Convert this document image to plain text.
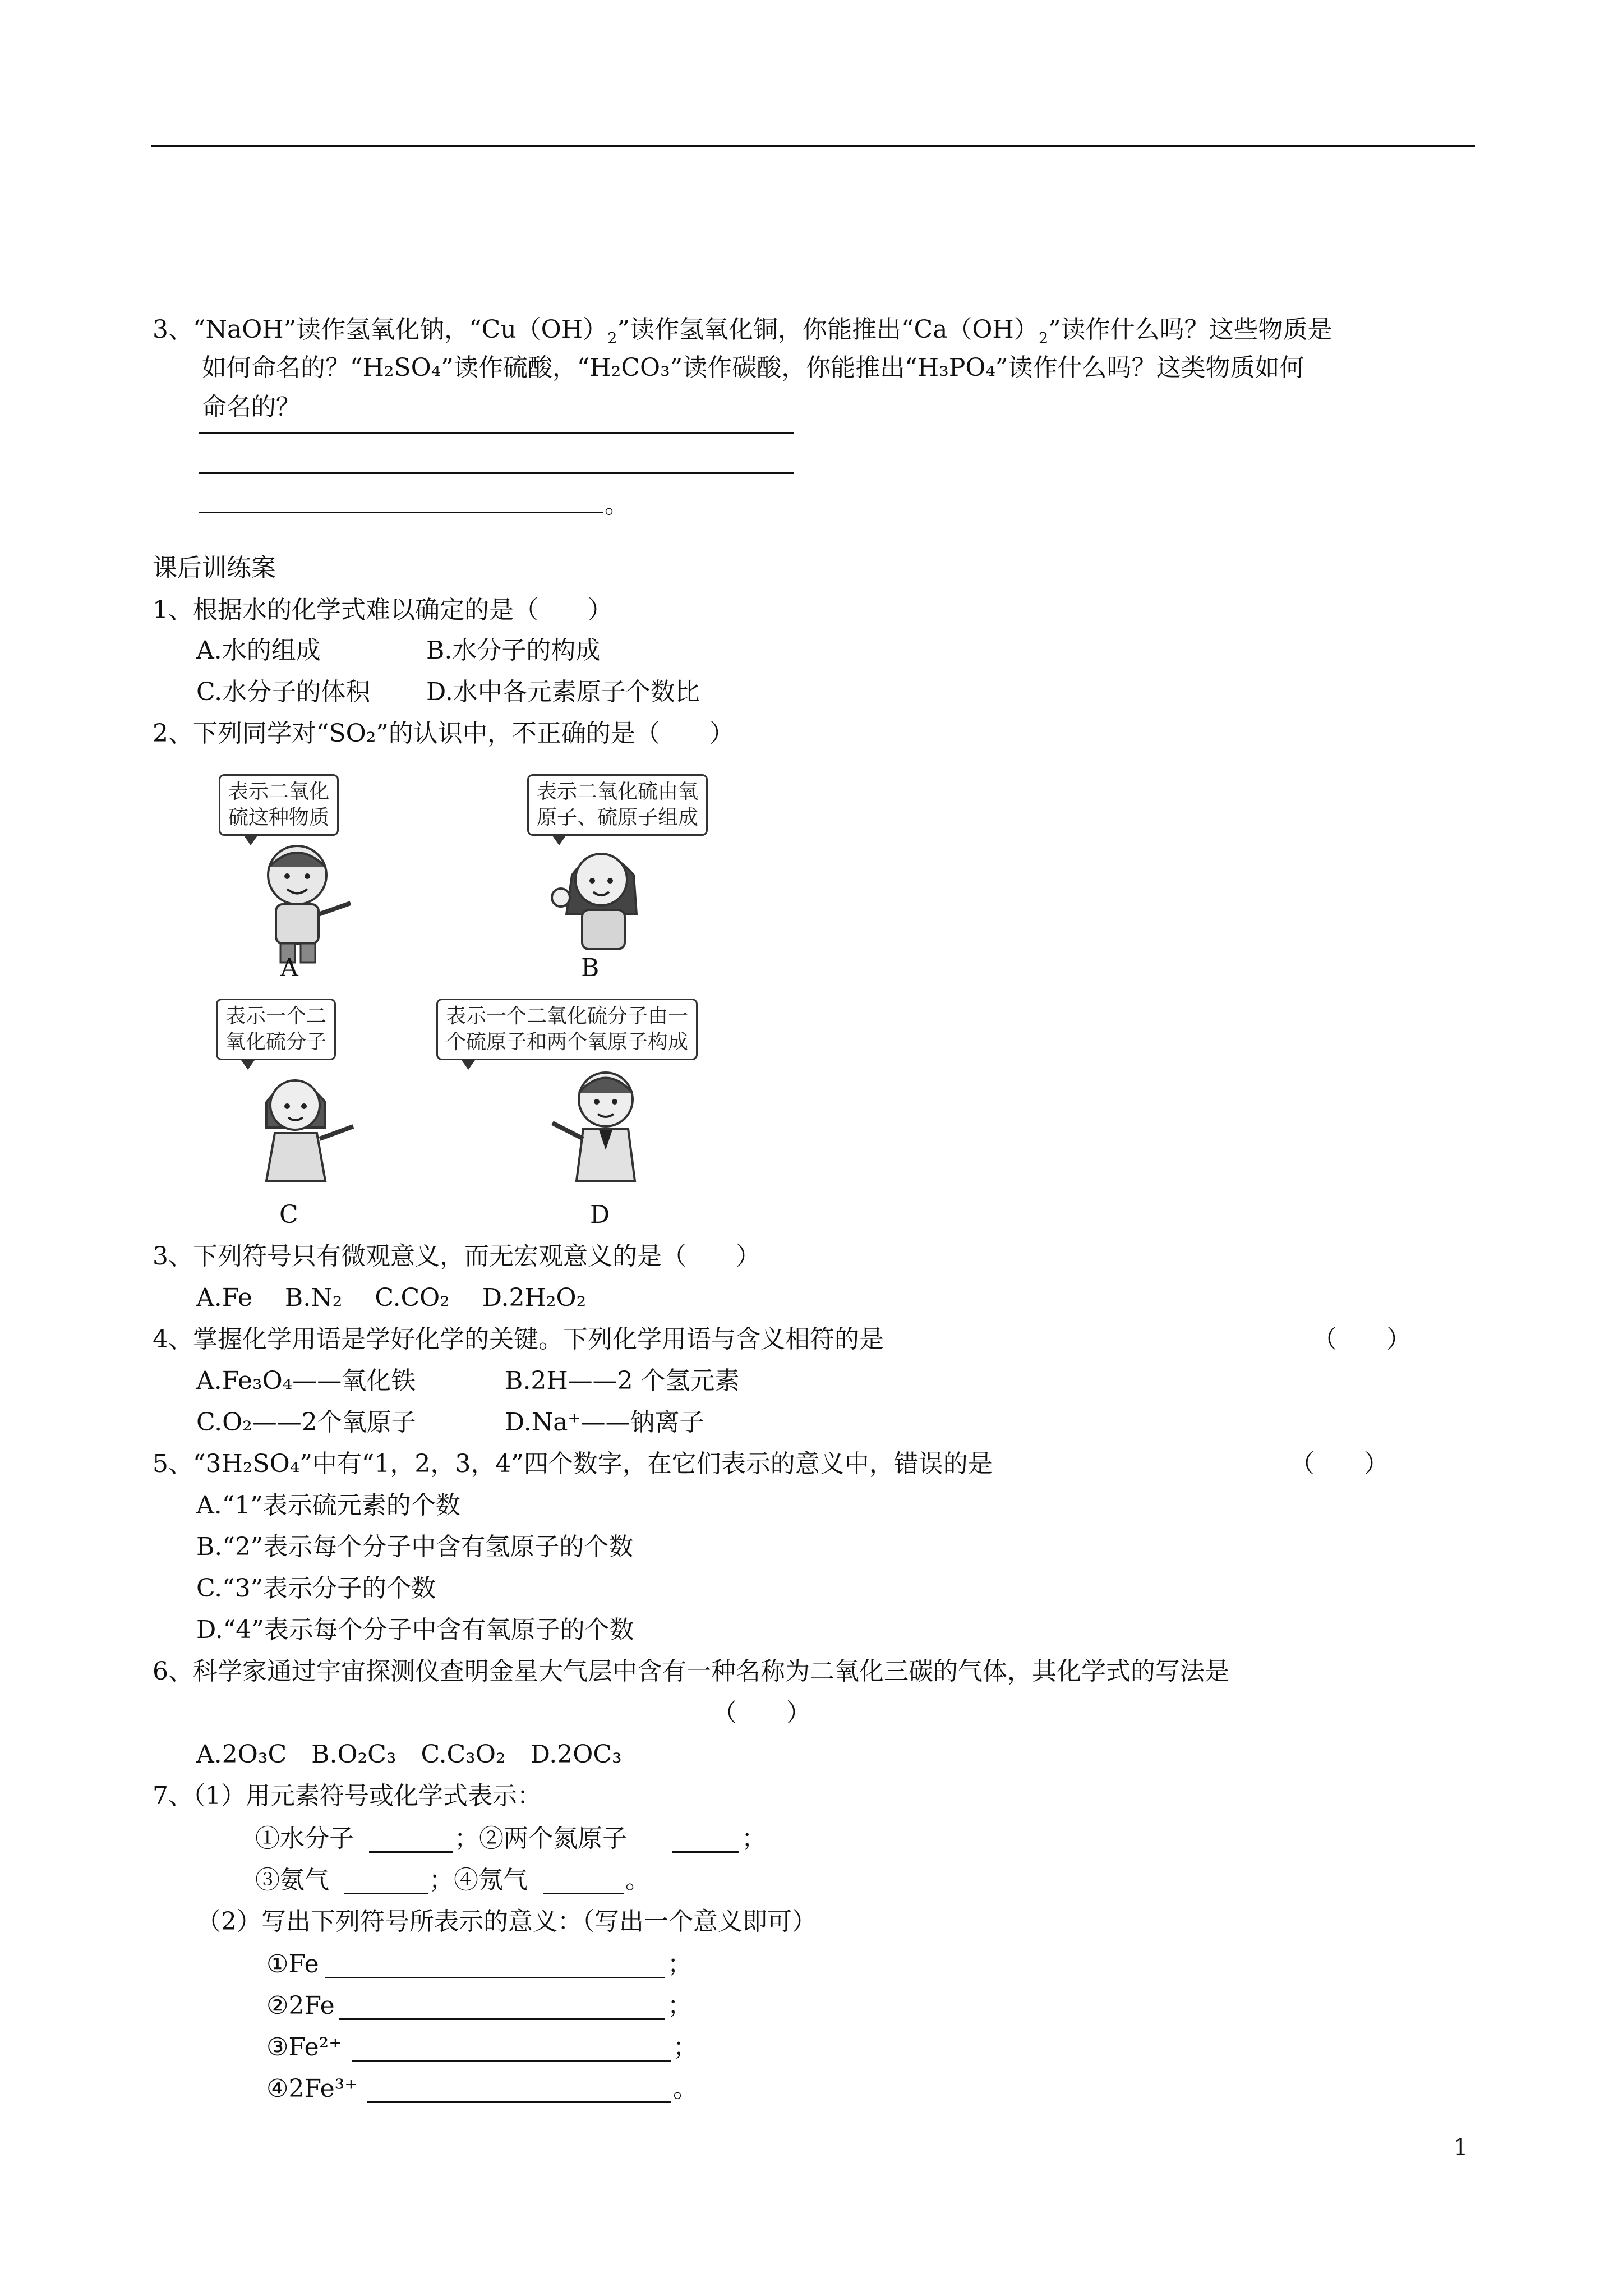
3、“NaOH”读作氢氧化钠，“$Cu(OH)_2$”读作氢氧化铜，你能推出“$Ca(OH)_2$”读作什么吗？这些物质是
如何命名的？“H₂SO₄”读作硫酸，“H₂CO₃”读作碳酸，你能推出“H₃PO₄”读作什么吗？这类物质如何
命名的？
。
课后训练案
1、根据水的化学式难以确定的是（　　）
A.水的组成	B.水分子的构成
C.水分子的体积 D.水中各元素原子个数比
2、下列同学对“SO₂”的认识中，不正确的是（　　）
表示二氧化
硫这种物质
A
表示二氧化硫由氧
原子、硫原子组成
B
表示一个二
氧化硫分子
C
表示一个二氧化硫分子由一
个硫原子和两个氧原子构成
D
3、下列符号只有微观意义，而无宏观意义的是（　　）
A.Fe　 B.N₂　 C.CO₂　 D.2H₂O₂
4、掌握化学用语是学好化学的关键。下列化学用语与含义相符的是	（　　）
A.Fe₃O₄——氧化铁	B.2H——2 个氢元素
C.O₂——2个氧原子	D.Na⁺——钠离子
5、“3H₂SO₄”中有“1，2，3，4”四个数字，在它们表示的意义中，错误的是	（　　）
A.“1”表示硫元素的个数
B.“2”表示每个分子中含有氢原子的个数
C.“3”表示分子的个数
D.“4”表示每个分子中含有氧原子的个数
6、科学家通过宇宙探测仪查明金星大气层中含有一种名称为二氧化三碳的气体，其化学式的写法是
（　　）
A.2O₃C　B.O₂C₃　C.C₃O₂　D.2OC₃
7、（1）用元素符号或化学式表示：
①水分子	；②两个氮原子	；
③氨气	；④氖气	。
（2）写出下列符号所表示的意义：（写出一个意义即可）
①Fe	；
②2Fe	；
③Fe²⁺	；
④2Fe³⁺	。
1
